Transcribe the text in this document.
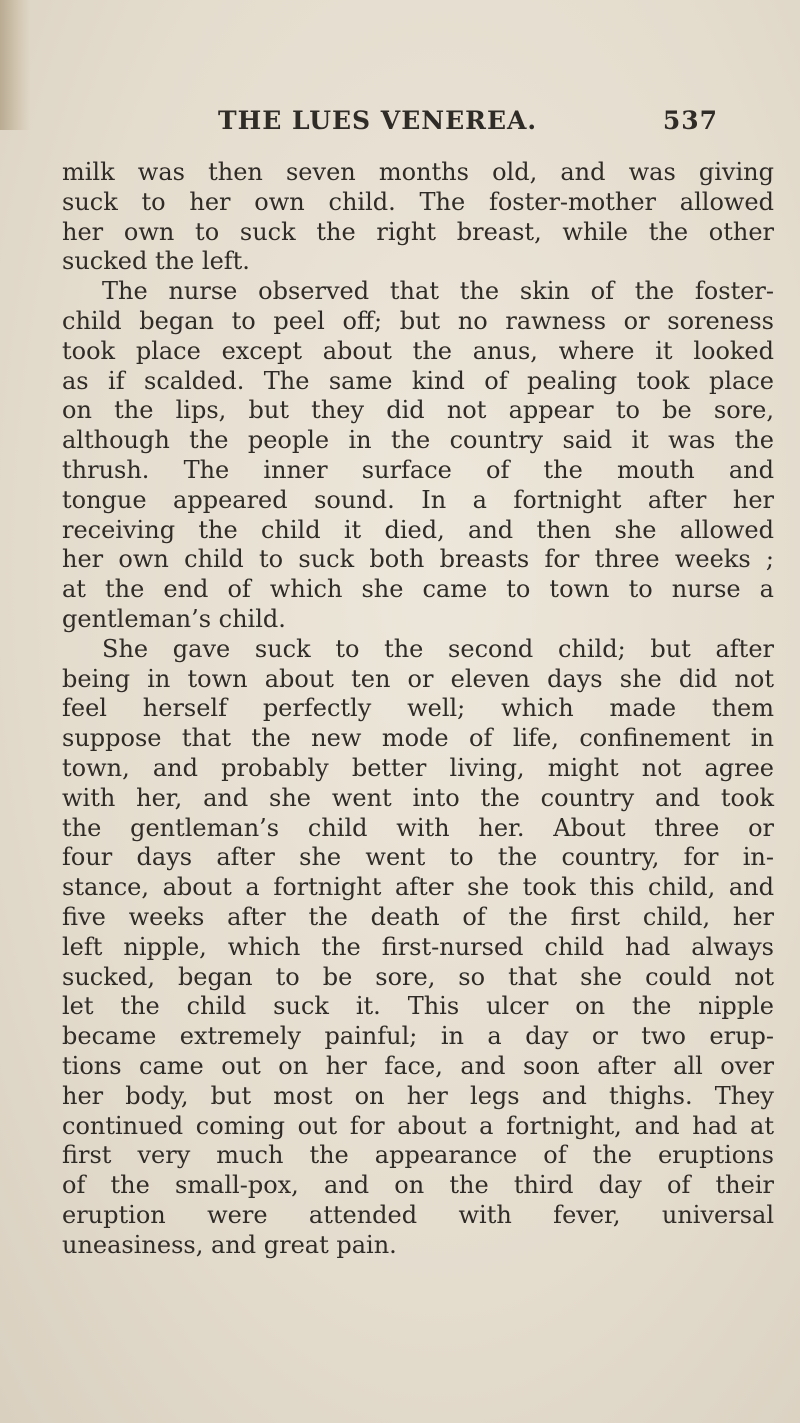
THE LUES VENEREA.	537
milk was then seven months old, and was giving
suck to her own child. The foster-mother allowed
her own to suck the right breast, while the other
sucked the left.
The nurse observed that the skin of the foster-
child began to peel off; but no rawness or soreness
took place except about the anus, where it looked
as if scalded. The same kind of pealing took place
on the lips, but they did not appear to be sore,
although the people in the country said it was the
thrush. The inner surface of the mouth and
tongue appeared sound. In a fortnight after her
receiving the child it died, and then she allowed
her own child to suck both breasts for three weeks ;
at the end of which she came to town to nurse a
gentleman’s child.
She gave suck to the second child; but after
being in town about ten or eleven days she did not
feel herself perfectly well; which made them
suppose that the new mode of life, confinement in
town, and probably better living, might not agree
with her, and she went into the country and took
the gentleman’s child with her. About three or
four days after she went to the country, for in-
stance, about a fortnight after she took this child, and
five weeks after the death of the first child, her
left nipple, which the first-nursed child had always
sucked, began to be sore, so that she could not
let the child suck it. This ulcer on the nipple
became extremely painful; in a day or two erup-
tions came out on her face, and soon after all over
her body, but most on her legs and thighs. They
continued coming out for about a fortnight, and had at
first very much the appearance of the eruptions
of the small-pox, and on the third day of their
eruption were attended with fever, universal
uneasiness, and great pain.
